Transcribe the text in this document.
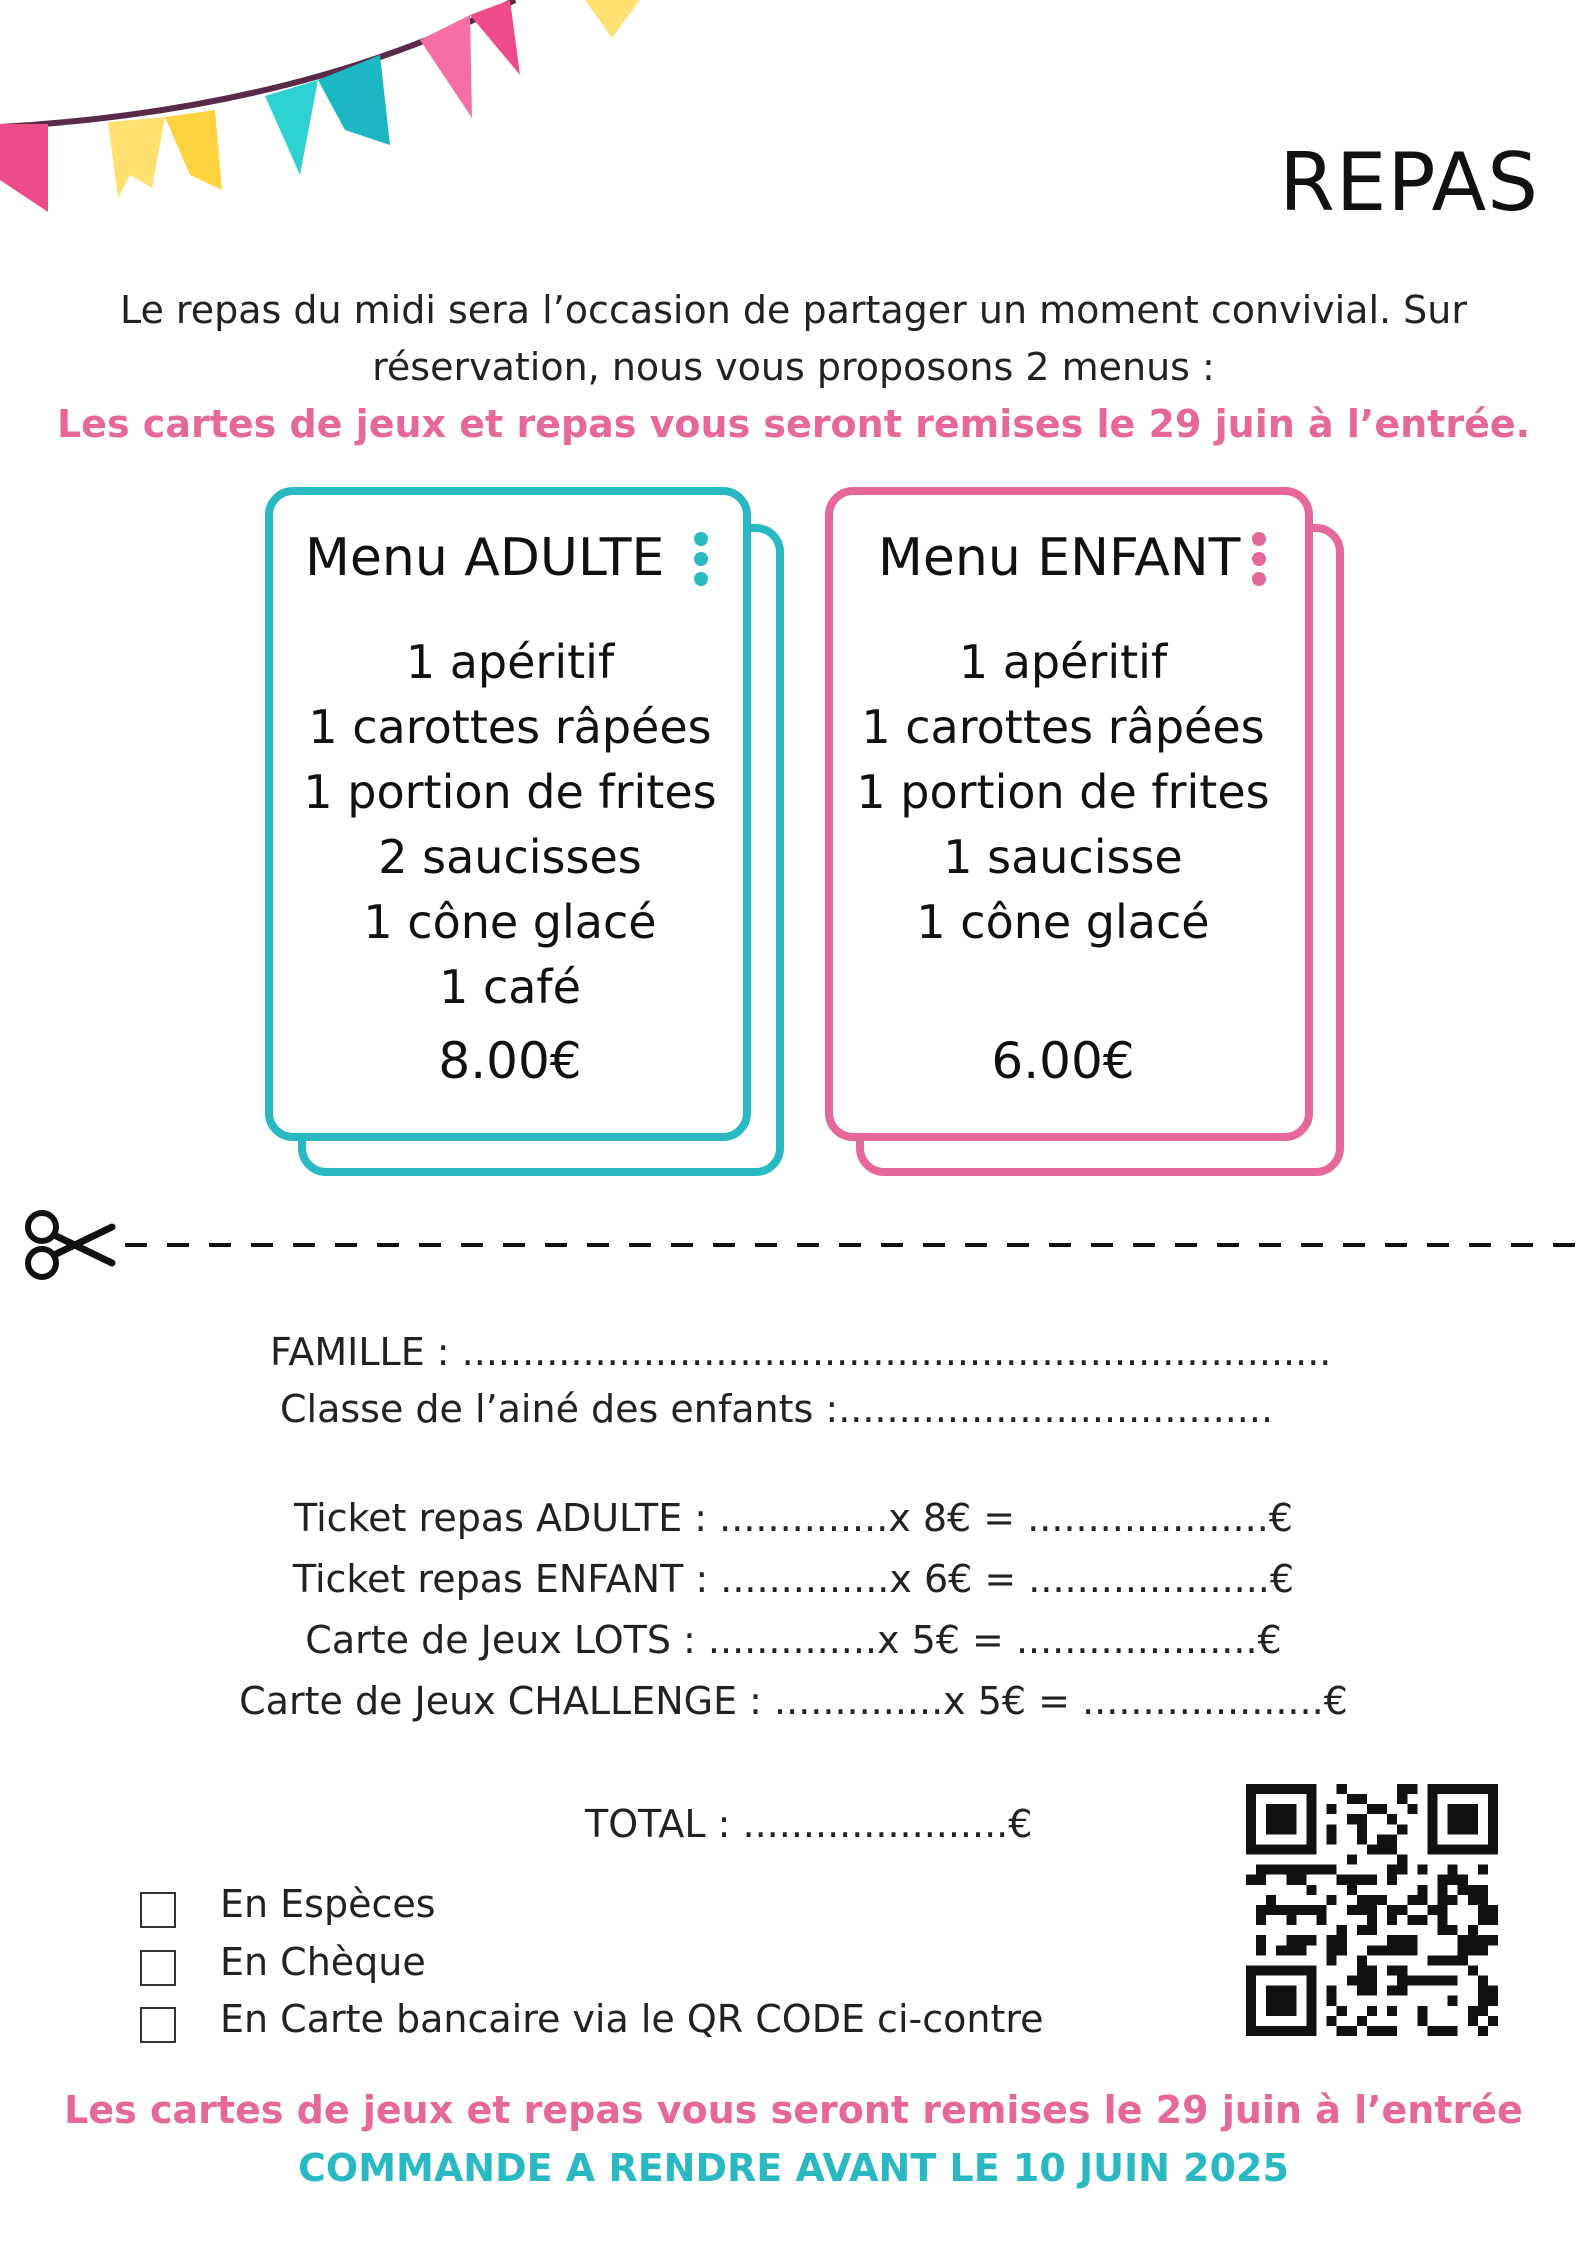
REPAS
Le repas du midi sera l’occasion de partager un moment convivial. Sur
réservation, nous vous proposons 2 menus :
Les cartes de jeux et repas vous seront remises le 29 juin à l’entrée.
Menu ADULTE
1 apéritif
1 carottes râpées
1 portion de frites
2 saucisses
1 cône glacé
1 café
8.00€
Menu ENFANT
1 apéritif
1 carottes râpées
1 portion de frites
1 saucisse
1 cône glacé
6.00€
FAMILLE : ........................................................................
Classe de l’ainé des enfants :....................................
Ticket repas ADULTE : ..............x 8€ = ....................€
Ticket repas ENFANT : ..............x 6€ = ....................€
Carte de Jeux LOTS : ..............x 5€ = ....................€
Carte de Jeux CHALLENGE : ..............x 5€ = ....................€
TOTAL : ......................€
En Espèces
En Chèque
En Carte bancaire via le QR CODE ci-contre
Les cartes de jeux et repas vous seront remises le 29 juin à l’entrée
COMMANDE A RENDRE AVANT LE 10 JUIN 2025
